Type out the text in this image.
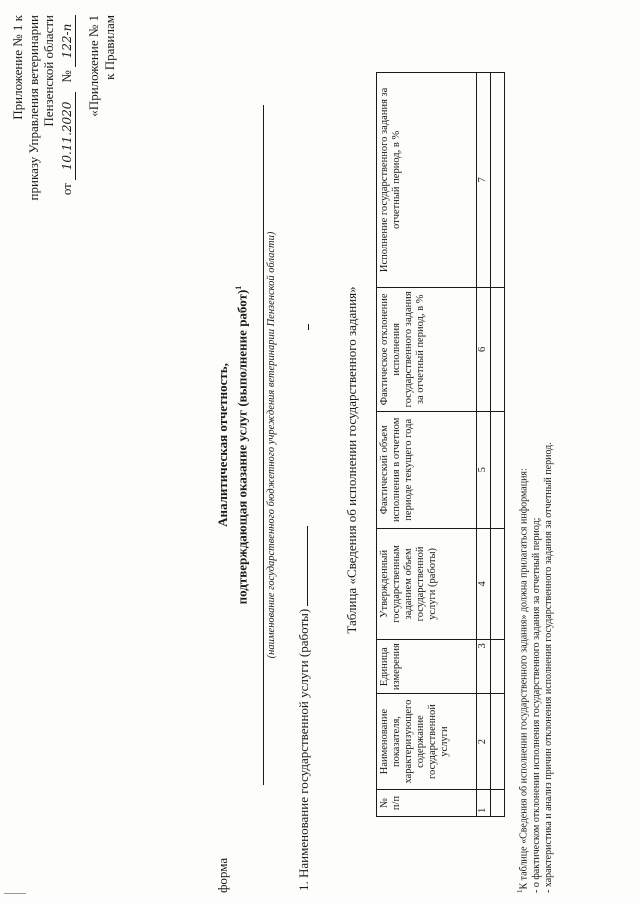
Приложение № 1 к приказу Управления ветеринарии Пензенской области
от 10.11.2020 № 122-п «Приложение № 1 к Правилам
форма
Аналитическая отчетность, подтверждающая оказание услуг (выполнение работ)$^1$	(наименование государственного бюджетного учреждения ветеринарии Пензенской области)
1. Наименование государственной услуги (работы)
Таблица «Сведения об исполнении государственного задания»
№ п/п	Наименование показателя, характеризующего содержание государственной услуги	Единица измерения	Утвержденный государственным заданием объем государственной услуги (работы)	Фактический объем исполнения в отчетном периоде текущего года	Фактическое отклонение исполнения государственного задания за отчетный период, в %	Исполнение государственного задания за отчетный период, в %
1	2	3	4	5	6	7

$^1$К таблице «Сведения об исполнении государственного задания» должна прилагаться информация: - о фактическом отклонении исполнения государственного задания за отчетный период; - характеристика и анализ причин отклонения исполнения государственного задания за отчетный период.
